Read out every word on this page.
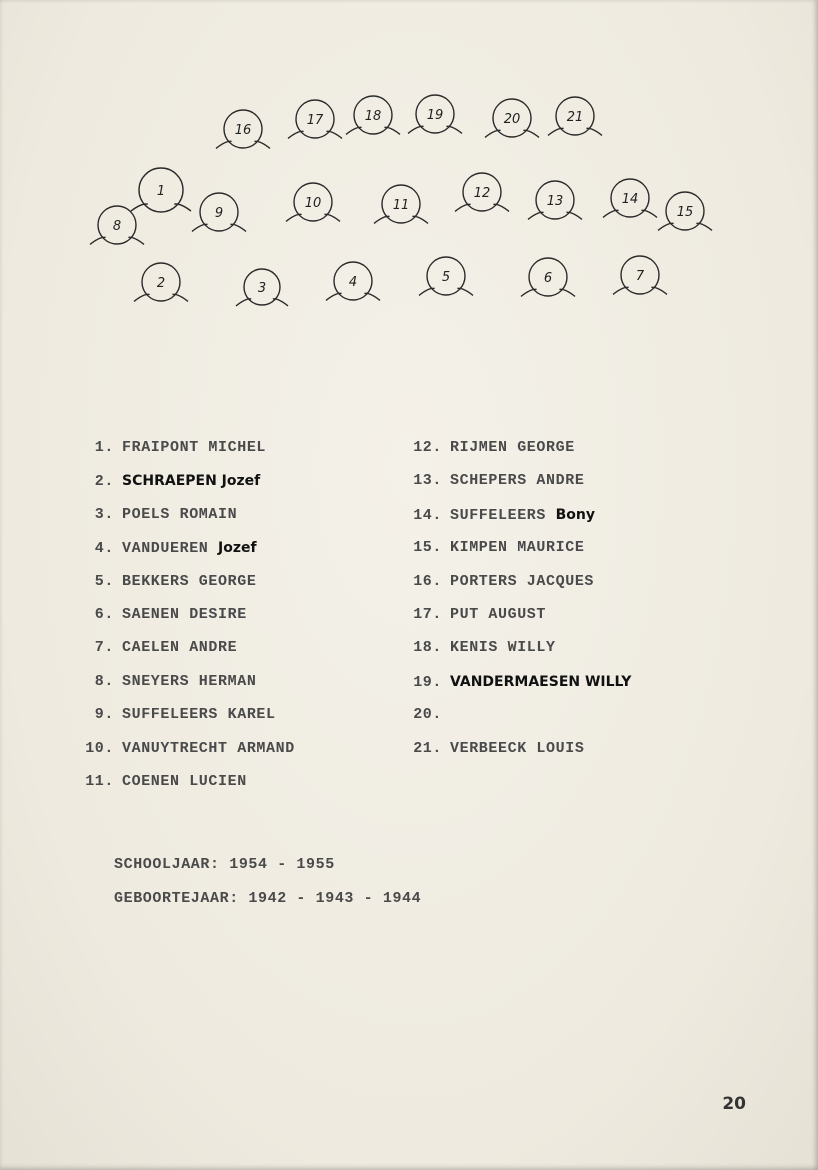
1
2	3	4	5	6	7
8
9
10	11
12
13	14
15
16
17	18	19	20	21
1. FRAIPONT MICHEL
2. SCHRAEPEN Jozef
3. POELS ROMAIN
4. VANDUEREN Jozef
5. BEKKERS GEORGE
6. SAENEN DESIRE
7. CAELEN ANDRE
8. SNEYERS HERMAN
9. SUFFELEERS KAREL
10. VANUYTRECHT ARMAND
11. COENEN LUCIEN
12. RIJMEN GEORGE
13. SCHEPERS ANDRE
14. SUFFELEERS Bony
15. KIMPEN MAURICE
16. PORTERS JACQUES
17. PUT AUGUST
18. KENIS WILLY
19. VANDERMAESEN WILLY
20.
21. VERBEECK LOUIS
SCHOOLJAAR: 1954 - 1955
GEBOORTEJAAR: 1942 - 1943 - 1944
20
